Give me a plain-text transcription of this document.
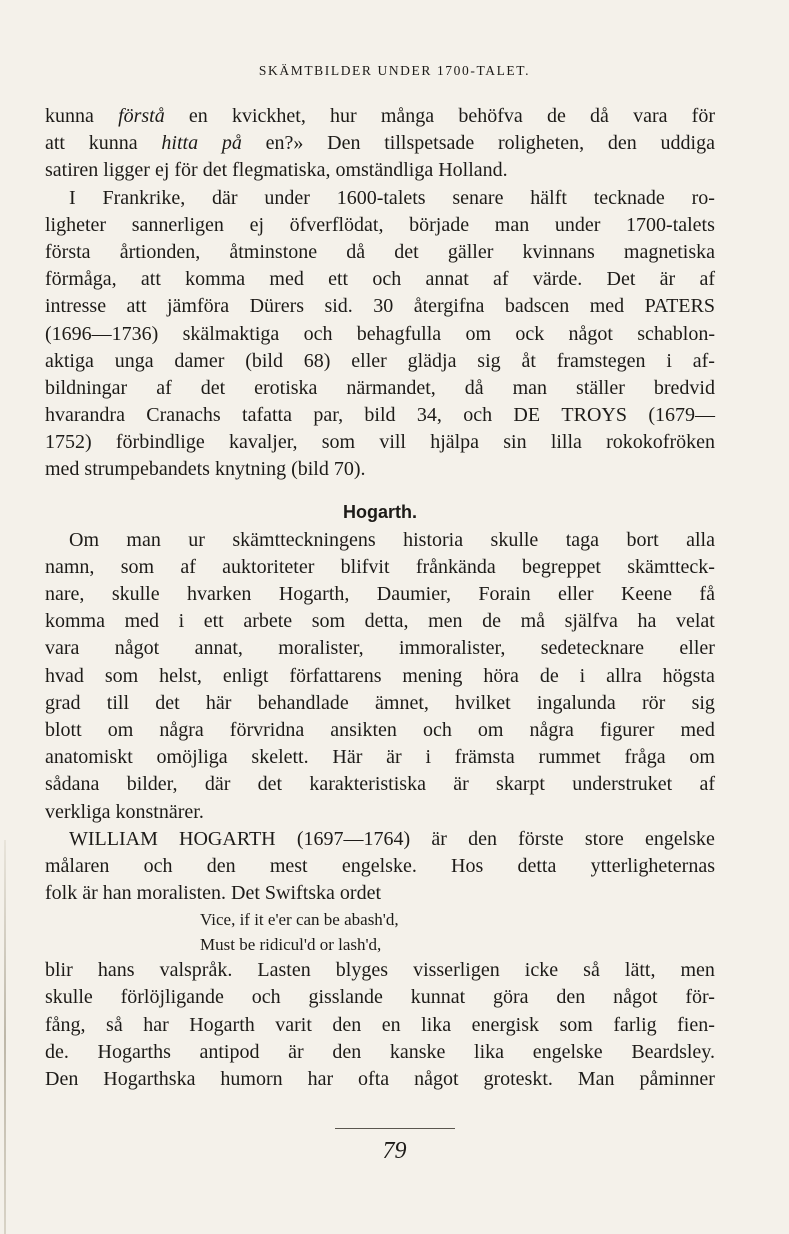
SKÄMTBILDER UNDER 1700-TALET.
kunna förstå en kvickhet, hur många behöfva de då vara för
att kunna hitta på en?» Den tillspetsade roligheten, den uddiga
satiren ligger ej för det flegmatiska, omständliga Holland.
I Frankrike, där under 1600-talets senare hälft tecknade ro-
ligheter sannerligen ej öfverflödat, började man under 1700-talets
första årtionden, åtminstone då det gäller kvinnans magnetiska
förmåga, att komma med ett och annat af värde. Det är af
intresse att jämföra Dürers sid. 30 återgifna badscen med PATERS
(1696—1736) skälmaktiga och behagfulla om ock något schablon-
aktiga unga damer (bild 68) eller glädja sig åt framstegen i af-
bildningar af det erotiska närmandet, då man ställer bredvid
hvarandra Cranachs tafatta par, bild 34, och DE TROYS (1679—
1752) förbindlige kavaljer, som vill hjälpa sin lilla rokokofröken
med strumpebandets knytning (bild 70).
Hogarth.
Om man ur skämtteckningens historia skulle taga bort alla
namn, som af auktoriteter blifvit frånkända begreppet skämtteck-
nare, skulle hvarken Hogarth, Daumier, Forain eller Keene få
komma med i ett arbete som detta, men de må själfva ha velat
vara något annat, moralister, immoralister, sedetecknare eller
hvad som helst, enligt författarens mening höra de i allra högsta
grad till det här behandlade ämnet, hvilket ingalunda rör sig
blott om några förvridna ansikten och om några figurer med
anatomiskt omöjliga skelett. Här är i främsta rummet fråga om
sådana bilder, där det karakteristiska är skarpt understruket af
verkliga konstnärer.
WILLIAM HOGARTH (1697—1764) är den förste store engelske
målaren och den mest engelske. Hos detta ytterligheternas
folk är han moralisten. Det Swiftska ordet
Vice, if it e'er can be abash'd,
Must be ridicul'd or lash'd,
blir hans valspråk. Lasten blyges visserligen icke så lätt, men
skulle förlöjligande och gisslande kunnat göra den något för-
fång, så har Hogarth varit den en lika energisk som farlig fien-
de. Hogarths antipod är den kanske lika engelske Beardsley.
Den Hogarthska humorn har ofta något groteskt. Man påminner
79
